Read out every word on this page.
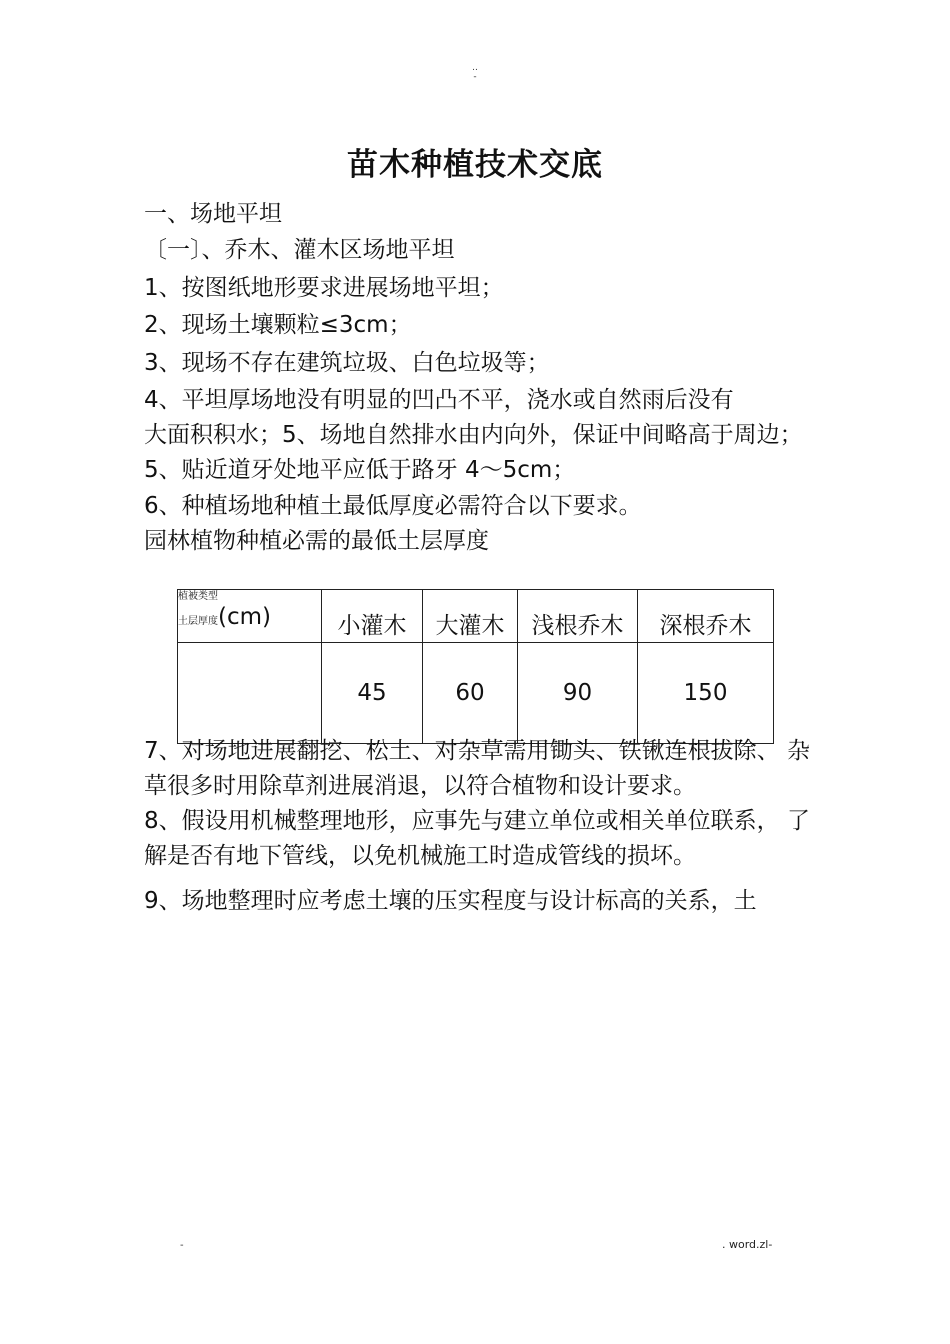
..
-
苗木种植技术交底
一、场地平坦
〔一〕、乔木、灌木区场地平坦
1、按图纸地形要求进展场地平坦；
2、现场土壤颗粒≤3cm；
3、现场不存在建筑垃圾、白色垃圾等；
4、平坦厚场地没有明显的凹凸不平，浇水或自然雨后没有
大面积积水；5、场地自然排水由内向外，保证中间略高于周边；
5、贴近道牙处地平应低于路牙 4～5cm；
6、种植场地种植土最低厚度必需符合以下要求。
园林植物种植必需的最低土层厚度
植被类型
土层厚度(cm)	小灌木	大灌木	浅根乔木	深根乔木
	45	60	90	150
7、对场地进展翻挖、松土、对杂草需用锄头、铁锹连根拔除、 杂
草很多时用除草剂进展消退，以符合植物和设计要求。
8、假设用机械整理地形，应事先与建立单位或相关单位联系， 了
解是否有地下管线，以免机械施工时造成管线的损坏。
9、场地整理时应考虑土壤的压实程度与设计标高的关系，土
-	. word.zl-
